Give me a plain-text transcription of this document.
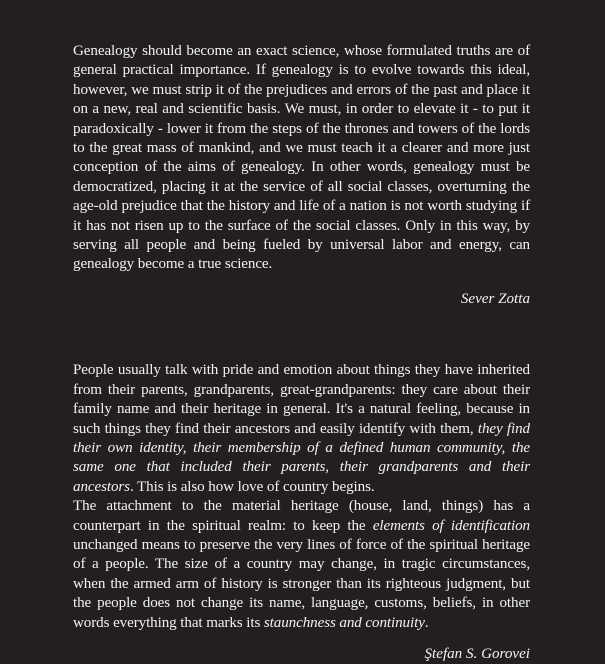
Genealogy should become an exact science, whose formulated truths are of general practical importance. If genealogy is to evolve towards this ideal, however, we must strip it of the prejudices and errors of the past and place it on a new, real and scientific basis. We must, in order to elevate it - to put it paradoxically - lower it from the steps of the thrones and towers of the lords to the great mass of mankind, and we must teach it a clearer and more just conception of the aims of genealogy. In other words, genealogy must be democratized, placing it at the service of all social classes, overturning the age-old prejudice that the history and life of a nation is not worth studying if it has not risen up to the surface of the social classes. Only in this way, by serving all people and being fueled by universal labor and energy, can genealogy become a true science.

Sever Zotta

People usually talk with pride and emotion about things they have inherited from their parents, grandparents, great-grandparents: they care about their family name and their heritage in general. It's a natural feeling, because in such things they find their ancestors and easily identify with them, they find their own identity, their membership of a defined human community, the same one that included their parents, their grandparents and their ancestors. This is also how love of country begins.

The attachment to the material heritage (house, land, things) has a counterpart in the spiritual realm: to keep the elements of identification unchanged means to preserve the very lines of force of the spiritual heritage of a people. The size of a country may change, in tragic circumstances, when the armed arm of history is stronger than its righteous judgment, but the people does not change its name, language, customs, beliefs, in other words everything that marks its staunchness and continuity.

Ştefan S. Gorovei
